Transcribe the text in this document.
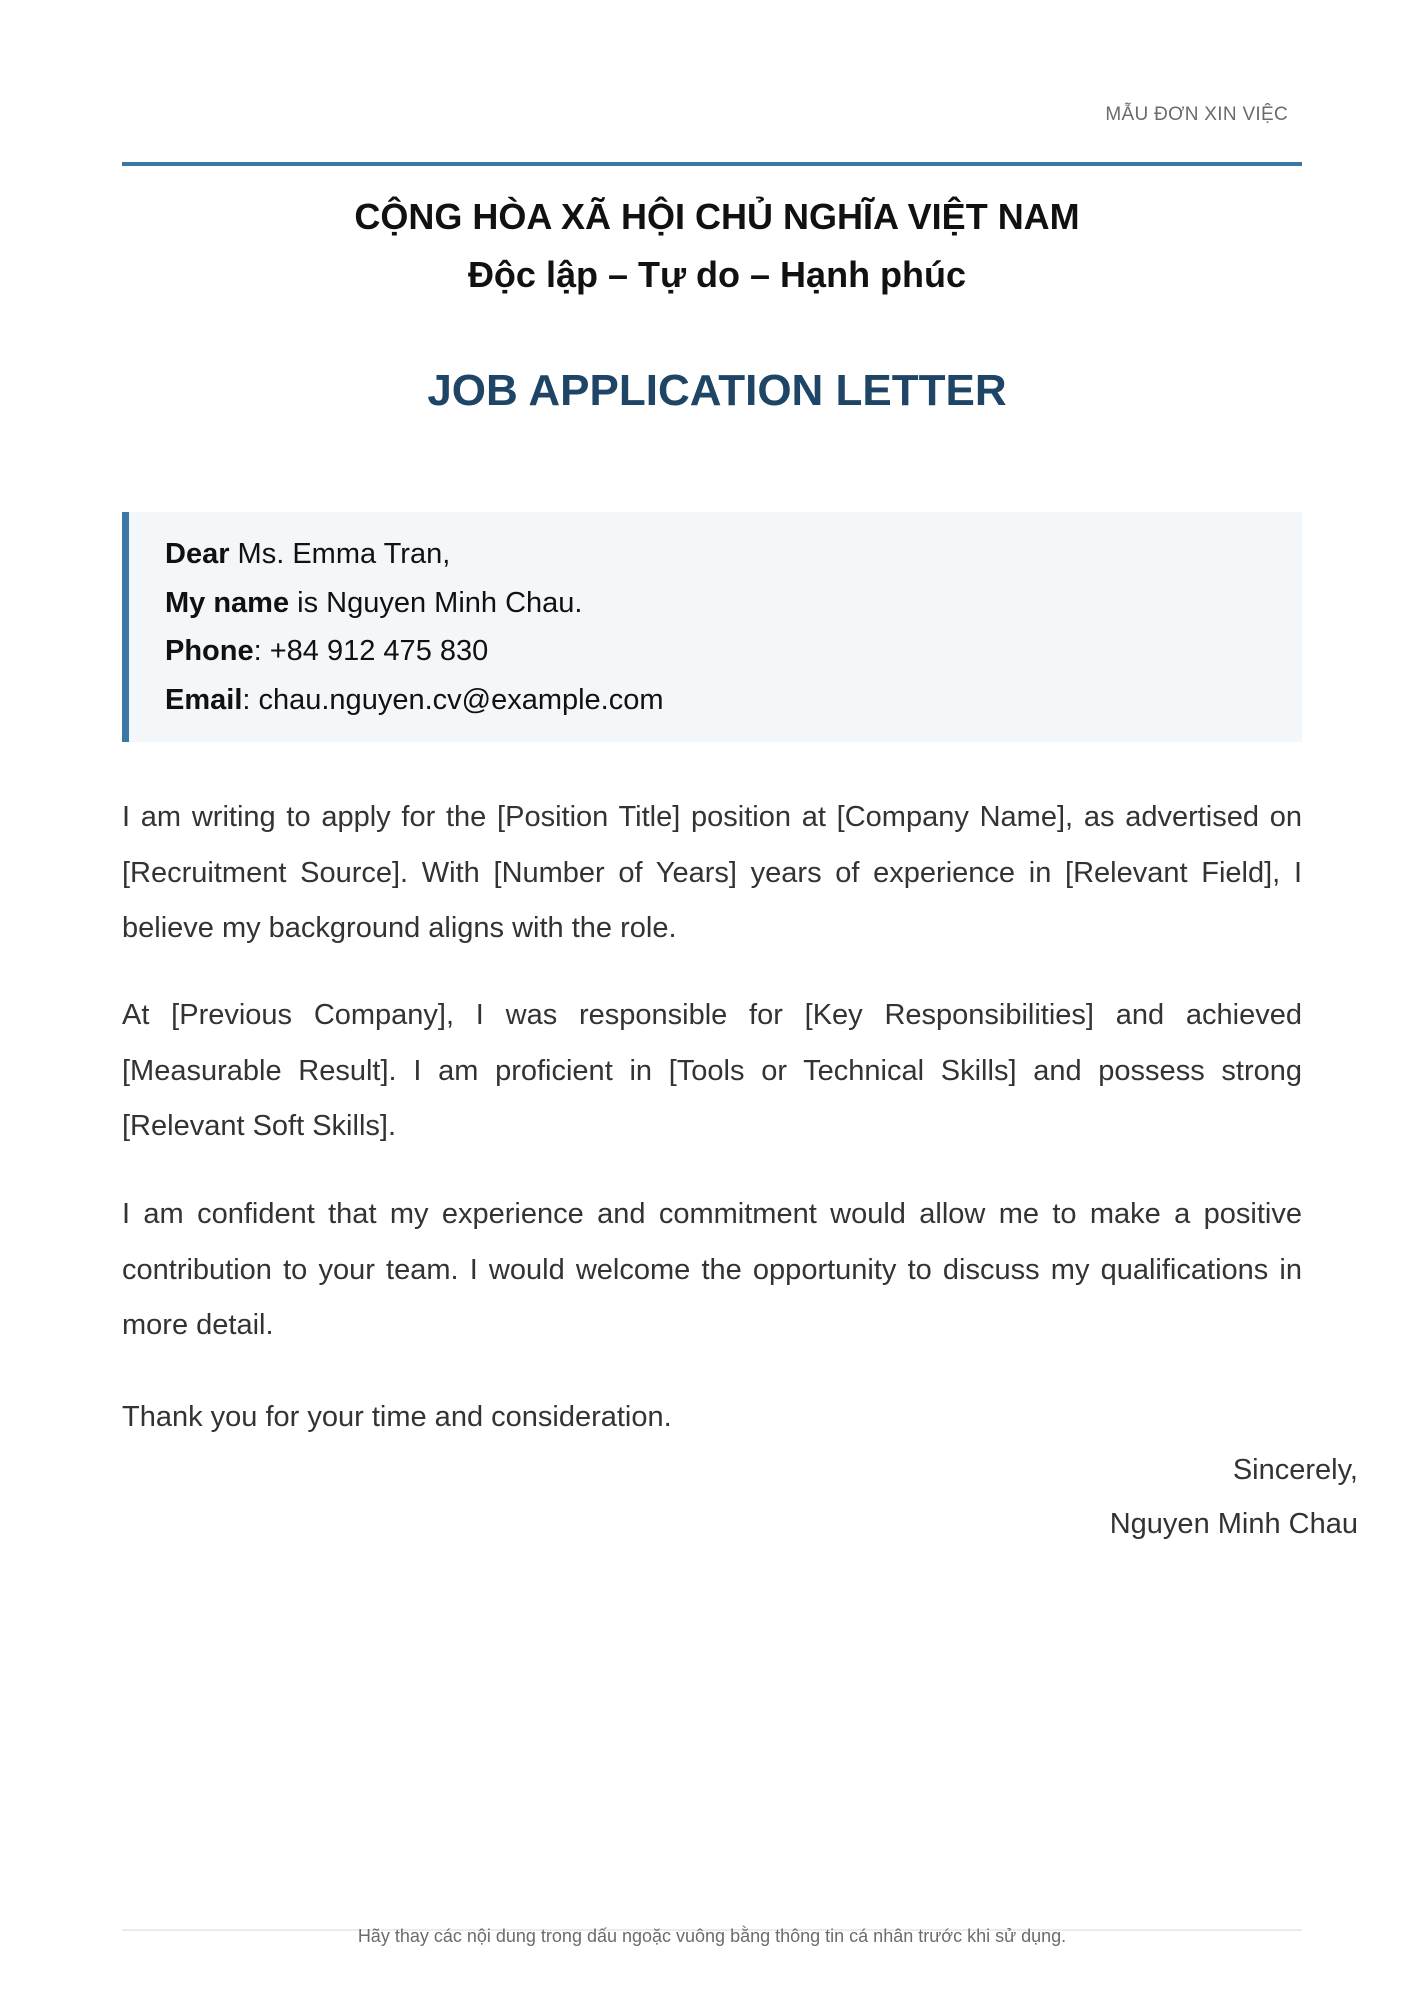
MẪU ĐƠN XIN VIỆC
CỘNG HÒA XÃ HỘI CHỦ NGHĨA VIỆT NAM
Độc lập – Tự do – Hạnh phúc
JOB APPLICATION LETTER
Dear Ms. Emma Tran,
My name is Nguyen Minh Chau.
Phone: +84 912 475 830
Email: chau.nguyen.cv@example.com
I am writing to apply for the [Position Title] position at [Company Name], as advertised on [Recruitment Source]. With [Number of Years] years of experience in [Relevant Field], I believe my background aligns with the role.
At [Previous Company], I was responsible for [Key Responsibilities] and achieved [Measurable Result]. I am proficient in [Tools or Technical Skills] and possess strong [Relevant Soft Skills].
I am confident that my experience and commitment would allow me to make a positive contribution to your team. I would welcome the opportunity to discuss my qualifications in more detail.
Thank you for your time and consideration.
Sincerely,
Nguyen Minh Chau
Hãy thay các nội dung trong dấu ngoặc vuông bằng thông tin cá nhân trước khi sử dụng.
